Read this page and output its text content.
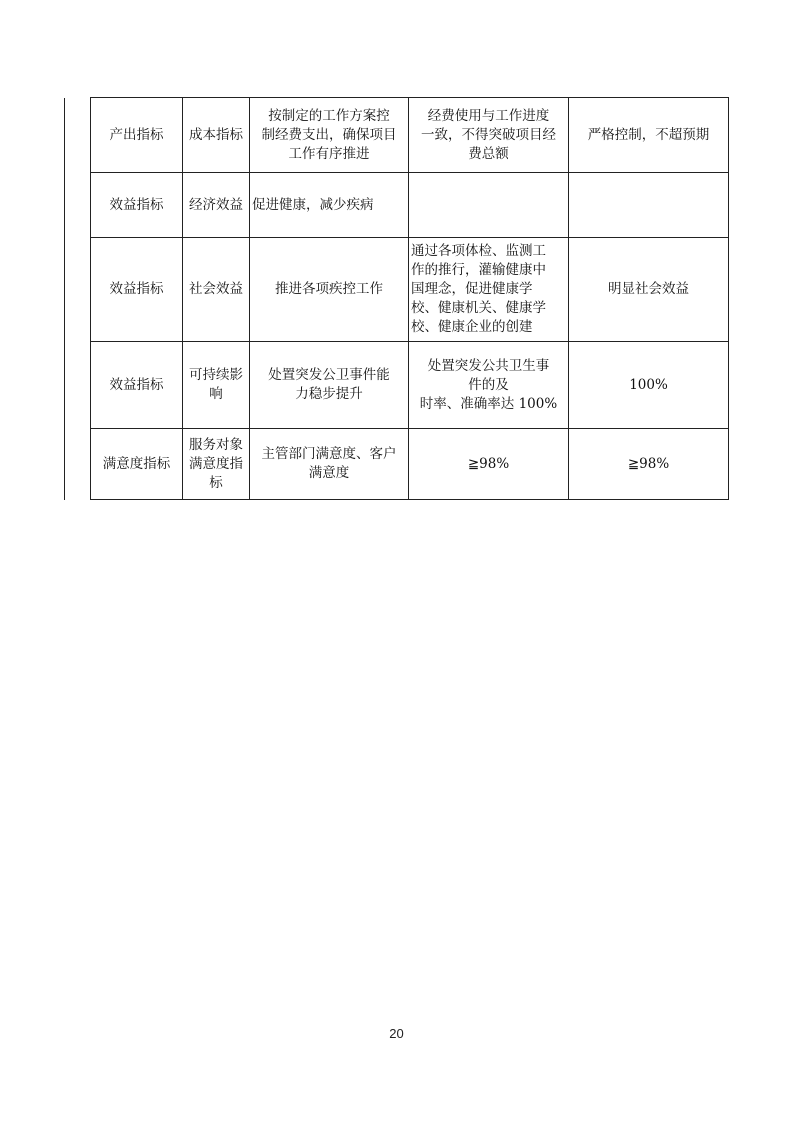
	产出指标	成本指标	按制定的工作方案控
制经费支出，确保项目
工作有序推进	经费使用与工作进度
一致，不得突破项目经
费总额	严格控制，不超预期
	效益指标	经济效益	促进健康，减少疾病		
	效益指标	社会效益	推进各项疾控工作	通过各项体检、监测工
作的推行，灌输健康中
国理念，促进健康学
校、健康机关、健康学
校、健康企业的创建	明显社会效益
	效益指标	可持续影
响	处置突发公卫事件能
力稳步提升	处置突发公共卫生事
件的及
时率、准确率达 100%	100%
	满意度指标	服务对象
满意度指
标	主管部门满意度、客户
满意度	≧98%	≧98%
20
